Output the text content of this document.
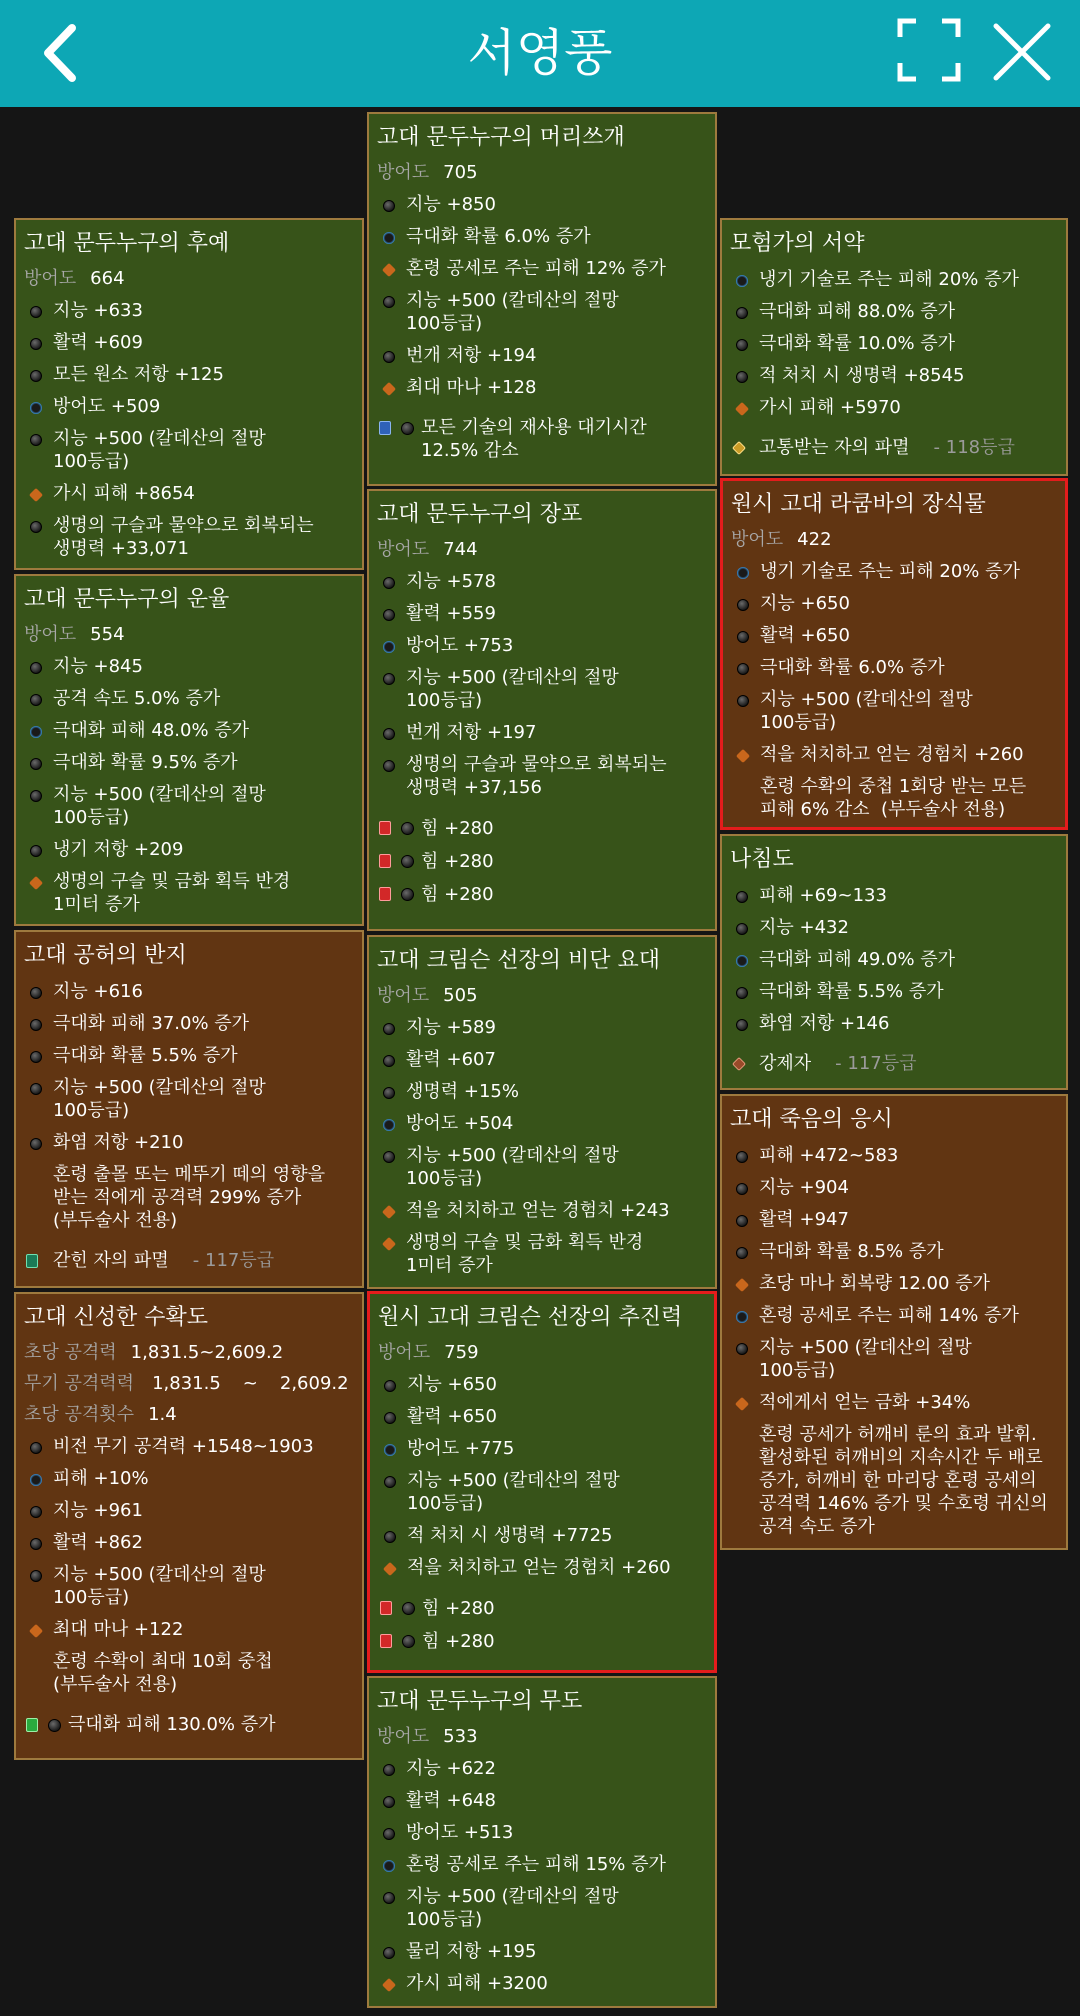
서영풍
고대 문두누구의 후예
방어도 664
지능 +633
활력 +609
모든 원소 저항 +125
방어도 +509
지능 +500 (칼데산의 절망
100등급)
가시 피해 +8654
생명의 구슬과 물약으로 회복되는
생명력 +33,071
고대 문두누구의 운율
방어도 554
지능 +845
공격 속도 5.0% 증가
극대화 피해 48.0% 증가
극대화 확률 9.5% 증가
지능 +500 (칼데산의 절망
100등급)
냉기 저항 +209
생명의 구슬 및 금화 획득 반경
1미터 증가
고대 공허의 반지
지능 +616
극대화 피해 37.0% 증가
극대화 확률 5.5% 증가
지능 +500 (칼데산의 절망
100등급)
화염 저항 +210
혼령 출몰 또는 메뚜기 떼의 영향을
받는 적에게 공격력 299% 증가
(부두술사 전용)
갇힌 자의 파멸 - 117등급
고대 신성한 수확도
초당 공격력 1,831.5~2,609.2
무기 공격력력 1,831.5 ~ 2,609.2
초당 공격횟수 1.4
비전 무기 공격력 +1548~1903
피해 +10%
지능 +961
활력 +862
지능 +500 (칼데산의 절망
100등급)
최대 마나 +122
혼령 수확이 최대 10회 중첩
(부두술사 전용)
극대화 피해 130.0% 증가
고대 문두누구의 머리쓰개
방어도 705
지능 +850
극대화 확률 6.0% 증가
혼령 공세로 주는 피해 12% 증가
지능 +500 (칼데산의 절망
100등급)
번개 저항 +194
최대 마나 +128
모든 기술의 재사용 대기시간
12.5% 감소
고대 문두누구의 장포
방어도 744
지능 +578
활력 +559
방어도 +753
지능 +500 (칼데산의 절망
100등급)
번개 저항 +197
생명의 구슬과 물약으로 회복되는
생명력 +37,156
힘 +280
힘 +280
힘 +280
고대 크림슨 선장의 비단 요대
방어도 505
지능 +589
활력 +607
생명력 +15%
방어도 +504
지능 +500 (칼데산의 절망
100등급)
적을 처치하고 얻는 경험치 +243
생명의 구슬 및 금화 획득 반경
1미터 증가
원시 고대 크림슨 선장의 추진력
방어도 759
지능 +650
활력 +650
방어도 +775
지능 +500 (칼데산의 절망
100등급)
적 처치 시 생명력 +7725
적을 처치하고 얻는 경험치 +260
힘 +280
힘 +280
고대 문두누구의 무도
방어도 533
지능 +622
활력 +648
방어도 +513
혼령 공세로 주는 피해 15% 증가
지능 +500 (칼데산의 절망
100등급)
물리 저항 +195
가시 피해 +3200
모험가의 서약
냉기 기술로 주는 피해 20% 증가
극대화 피해 88.0% 증가
극대화 확률 10.0% 증가
적 처치 시 생명력 +8545
가시 피해 +5970
고통받는 자의 파멸 - 118등급
원시 고대 라쿰바의 장식물
방어도 422
냉기 기술로 주는 피해 20% 증가
지능 +650
활력 +650
극대화 확률 6.0% 증가
지능 +500 (칼데산의 절망
100등급)
적을 처치하고 얻는 경험치 +260
혼령 수확의 중첩 1회당 받는 모든
피해 6% 감소  (부두술사 전용)
나침도
피해 +69~133
지능 +432
극대화 피해 49.0% 증가
극대화 확률 5.5% 증가
화염 저항 +146
강제자 - 117등급
고대 죽음의 응시
피해 +472~583
지능 +904
활력 +947
극대화 확률 8.5% 증가
초당 마나 회복량 12.00 증가
혼령 공세로 주는 피해 14% 증가
지능 +500 (칼데산의 절망
100등급)
적에게서 얻는 금화 +34%
혼령 공세가 허깨비 룬의 효과 발휘.
활성화된 허깨비의 지속시간 두 배로
증가, 허깨비 한 마리당 혼령 공세의
공격력 146% 증가 및 수호령 귀신의
공격 속도 증가
